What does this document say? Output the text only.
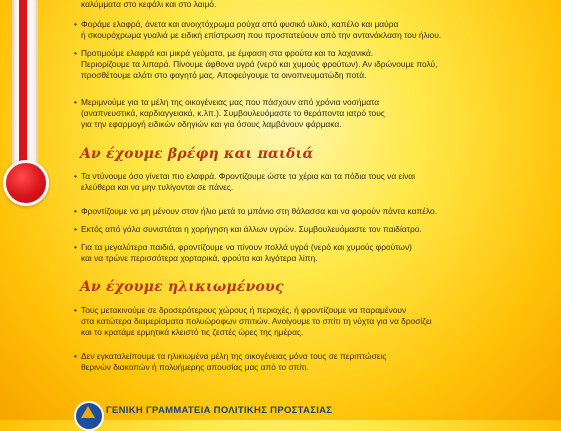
καλύμματα στο κεφάλι και στο λαιμό.
• Φοράμε ελαφρά, άνετα και ανοιχτόχρωμα ρούχα από φυσικό υλικό, καπέλο και μαύρα
ή σκουρόχρωμα γυαλιά με ειδική επίστρωση που προστατεύουν από την αντανάκλαση του ήλιου.
• Προτιμούμε ελαφρά και μικρά γεύματα, με έμφαση στα φρούτα και τα λαχανικά.
Περιορίζουμε τα λιπαρά. Πίνουμε άφθονα υγρά (νερό και χυμούς φρούτων). Αν ιδρώνουμε πολύ,
προσθέτουμε αλάτι στο φαγητό μας. Αποφεύγουμε τα οινοπνευματώδη ποτά.
• Μεριμνούμε για τα μέλη της οικογένειας μας που πάσχουν από χρόνια νοσήματα
(αναπνευστικά, καρδιαγγειακά, κ.λπ.). Συμβουλευόμαστε το θεράποντα ιατρό τους
για την εφαρμογή ειδικών οδηγιών και για όσους λαμβάνουν φάρμακα.
Αν έχουμε βρέφη και παιδιά
• Τα ντύνουμε όσο γίνεται πιο ελαφρά. Φροντίζουμε ώστε τα χέρια και τα πόδια τους να είναι
ελεύθερα και να μην τυλίγονται σε πάνες.
• Φροντίζουμε να μη μένουν στον ήλιο μετά το μπάνιο στη θάλασσα και να φορούν πάντα καπέλο.
• Εκτός από γάλα συνιστάται η χορήγηση και άλλων υγρών. Συμβουλευόμαστε τον παιδίατρο.
• Για τα μεγαλύτερα παιδιά, φροντίζουμε να πίνουν πολλά υγρά (νερό και χυμούς φρούτων)
και να τρώνε περισσότερα χορταρικά, φρούτα και λιγότερα λίπη.
Αν έχουμε ηλικιωμένους
• Τους μετακινούμε σε δροσερότερους χώρους ή περιοχές, ή φροντίζουμε να παραμένουν
στα κατώτερα διαμερίσματα πολυώροφων σπιτιών. Ανοίγουμε το σπίτι τη νύχτα για να δροσίζει
και το κρατάμε ερμητικά κλειστό τις ζεστές ώρες της ημέρας.
• Δεν εγκαταλείπουμε τα ηλικιωμένα μέλη της οικογένειας μόνα τους σε περιπτώσεις
θερινών διακοπών ή πολυήμερης απουσίας μας από το σπίτι.
ΓΕΝΙΚΗ ΓΡΑΜΜΑΤΕΙΑ ΠΟΛΙΤΙΚΗΣ ΠΡΟΣΤΑΣΙΑΣ
